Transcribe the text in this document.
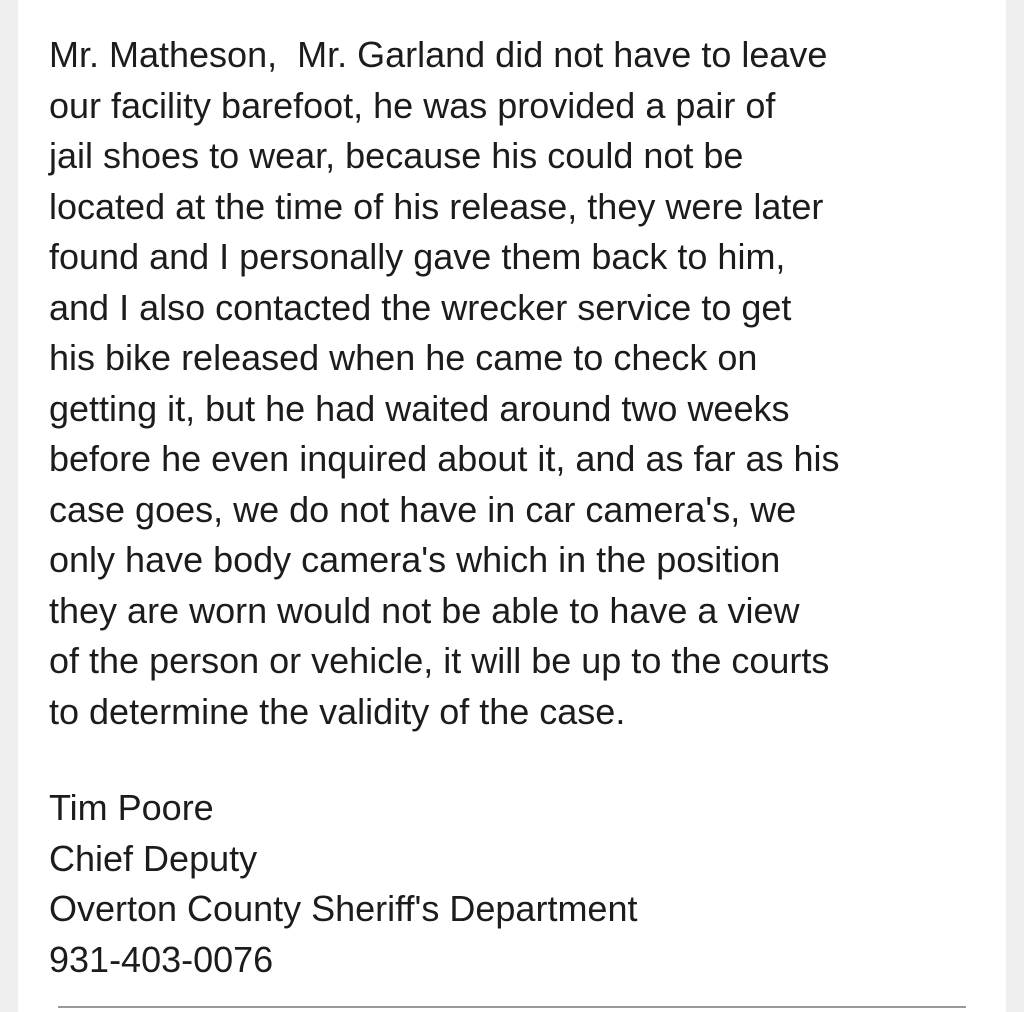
Mr. Matheson,  Mr. Garland did not have to leave
our facility barefoot, he was provided a pair of
jail shoes to wear, because his could not be
located at the time of his release, they were later
found and I personally gave them back to him,
and I also contacted the wrecker service to get
his bike released when he came to check on
getting it, but he had waited around two weeks
before he even inquired about it, and as far as his
case goes, we do not have in car camera's, we
only have body camera's which in the position
they are worn would not be able to have a view
of the person or vehicle, it will be up to the courts
to determine the validity of the case.
Tim Poore
Chief Deputy
Overton County Sheriff's Department
931-403-0076
